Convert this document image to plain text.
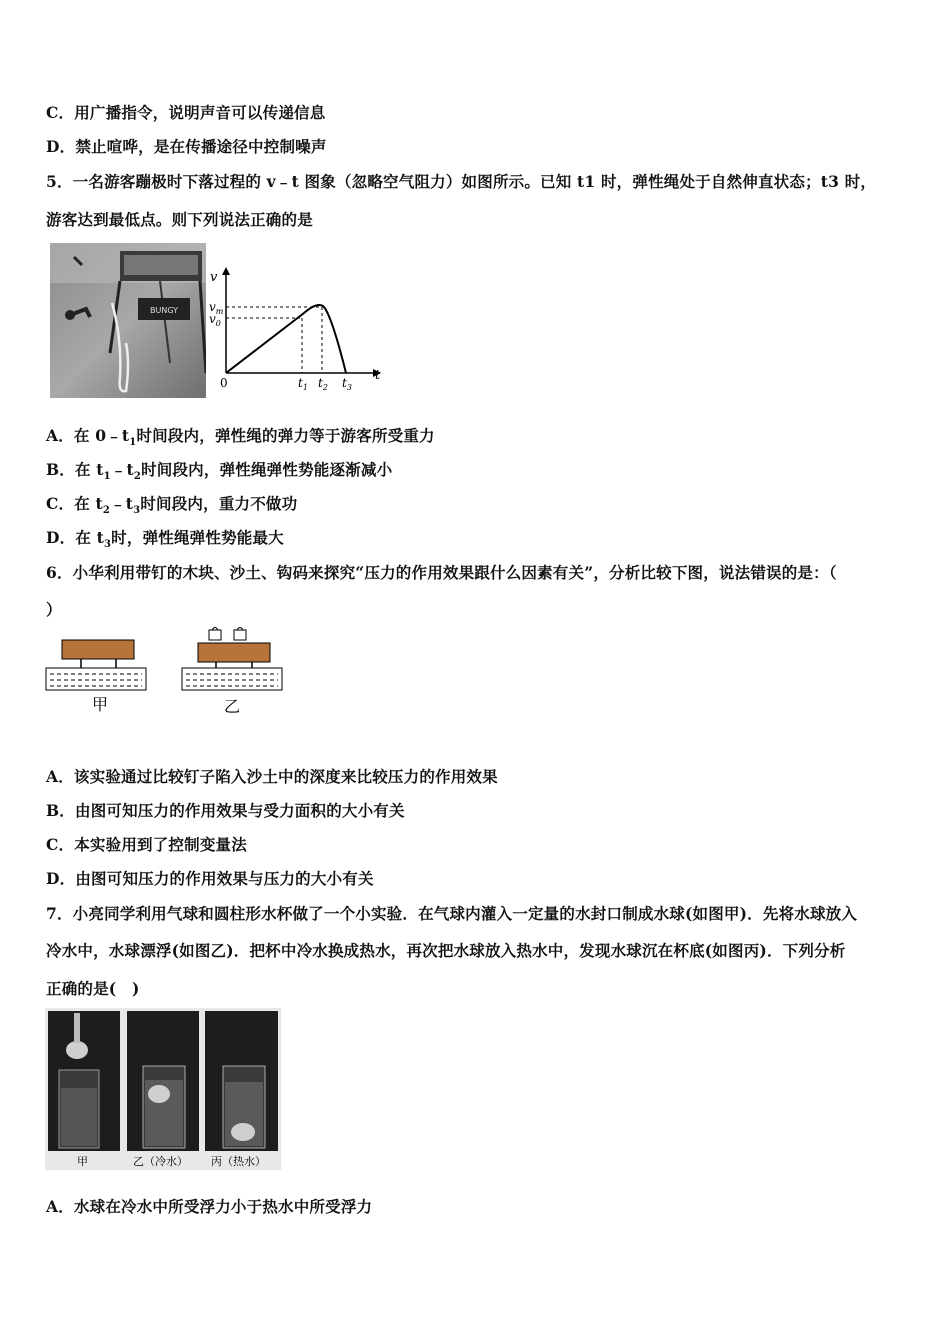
C．用广播指令，说明声音可以传递信息
D．禁止喧哗，是在传播途径中控制噪声
5．一名游客蹦极时下落过程的 v﹣t 图象（忽略空气阻力）如图所示。已知 t1 时，弹性绳处于自然伸直状态；t3 时，
游客达到最低点。则下列说法正确的是
BUNGY
v
$v_m$
$v_0$
0	$t_1$ $t_2$ $t_3$
t
A．在 $0﹣t_1$时间段内，弹性绳的弹力等于游客所受重力
B．在 $t_1﹣t_2$时间段内，弹性绳弹性势能逐渐减小
C．在 $t_2﹣t_3$时间段内，重力不做功
D．在 $t_3$时，弹性绳弹性势能最大
6．小华利用带钉的木块、沙土、钩码来探究“压力的作用效果跟什么因素有关”，分析比较下图，说法错误的是：（
）
甲	乙
A．该实验通过比较钉子陷入沙土中的深度来比较压力的作用效果
B．由图可知压力的作用效果与受力面积的大小有关
C．本实验用到了控制变量法
D．由图可知压力的作用效果与压力的大小有关
7．小亮同学利用气球和圆柱形水杯做了一个小实验．在气球内灌入一定量的水封口制成水球(如图甲)．先将水球放入
冷水中，水球漂浮(如图乙)．把杯中冷水换成热水，再次把水球放入热水中，发现水球沉在杯底(如图丙)．下列分析
正确的是(　)
甲	乙（冷水） 丙（热水）
A．水球在冷水中所受浮力小于热水中所受浮力
